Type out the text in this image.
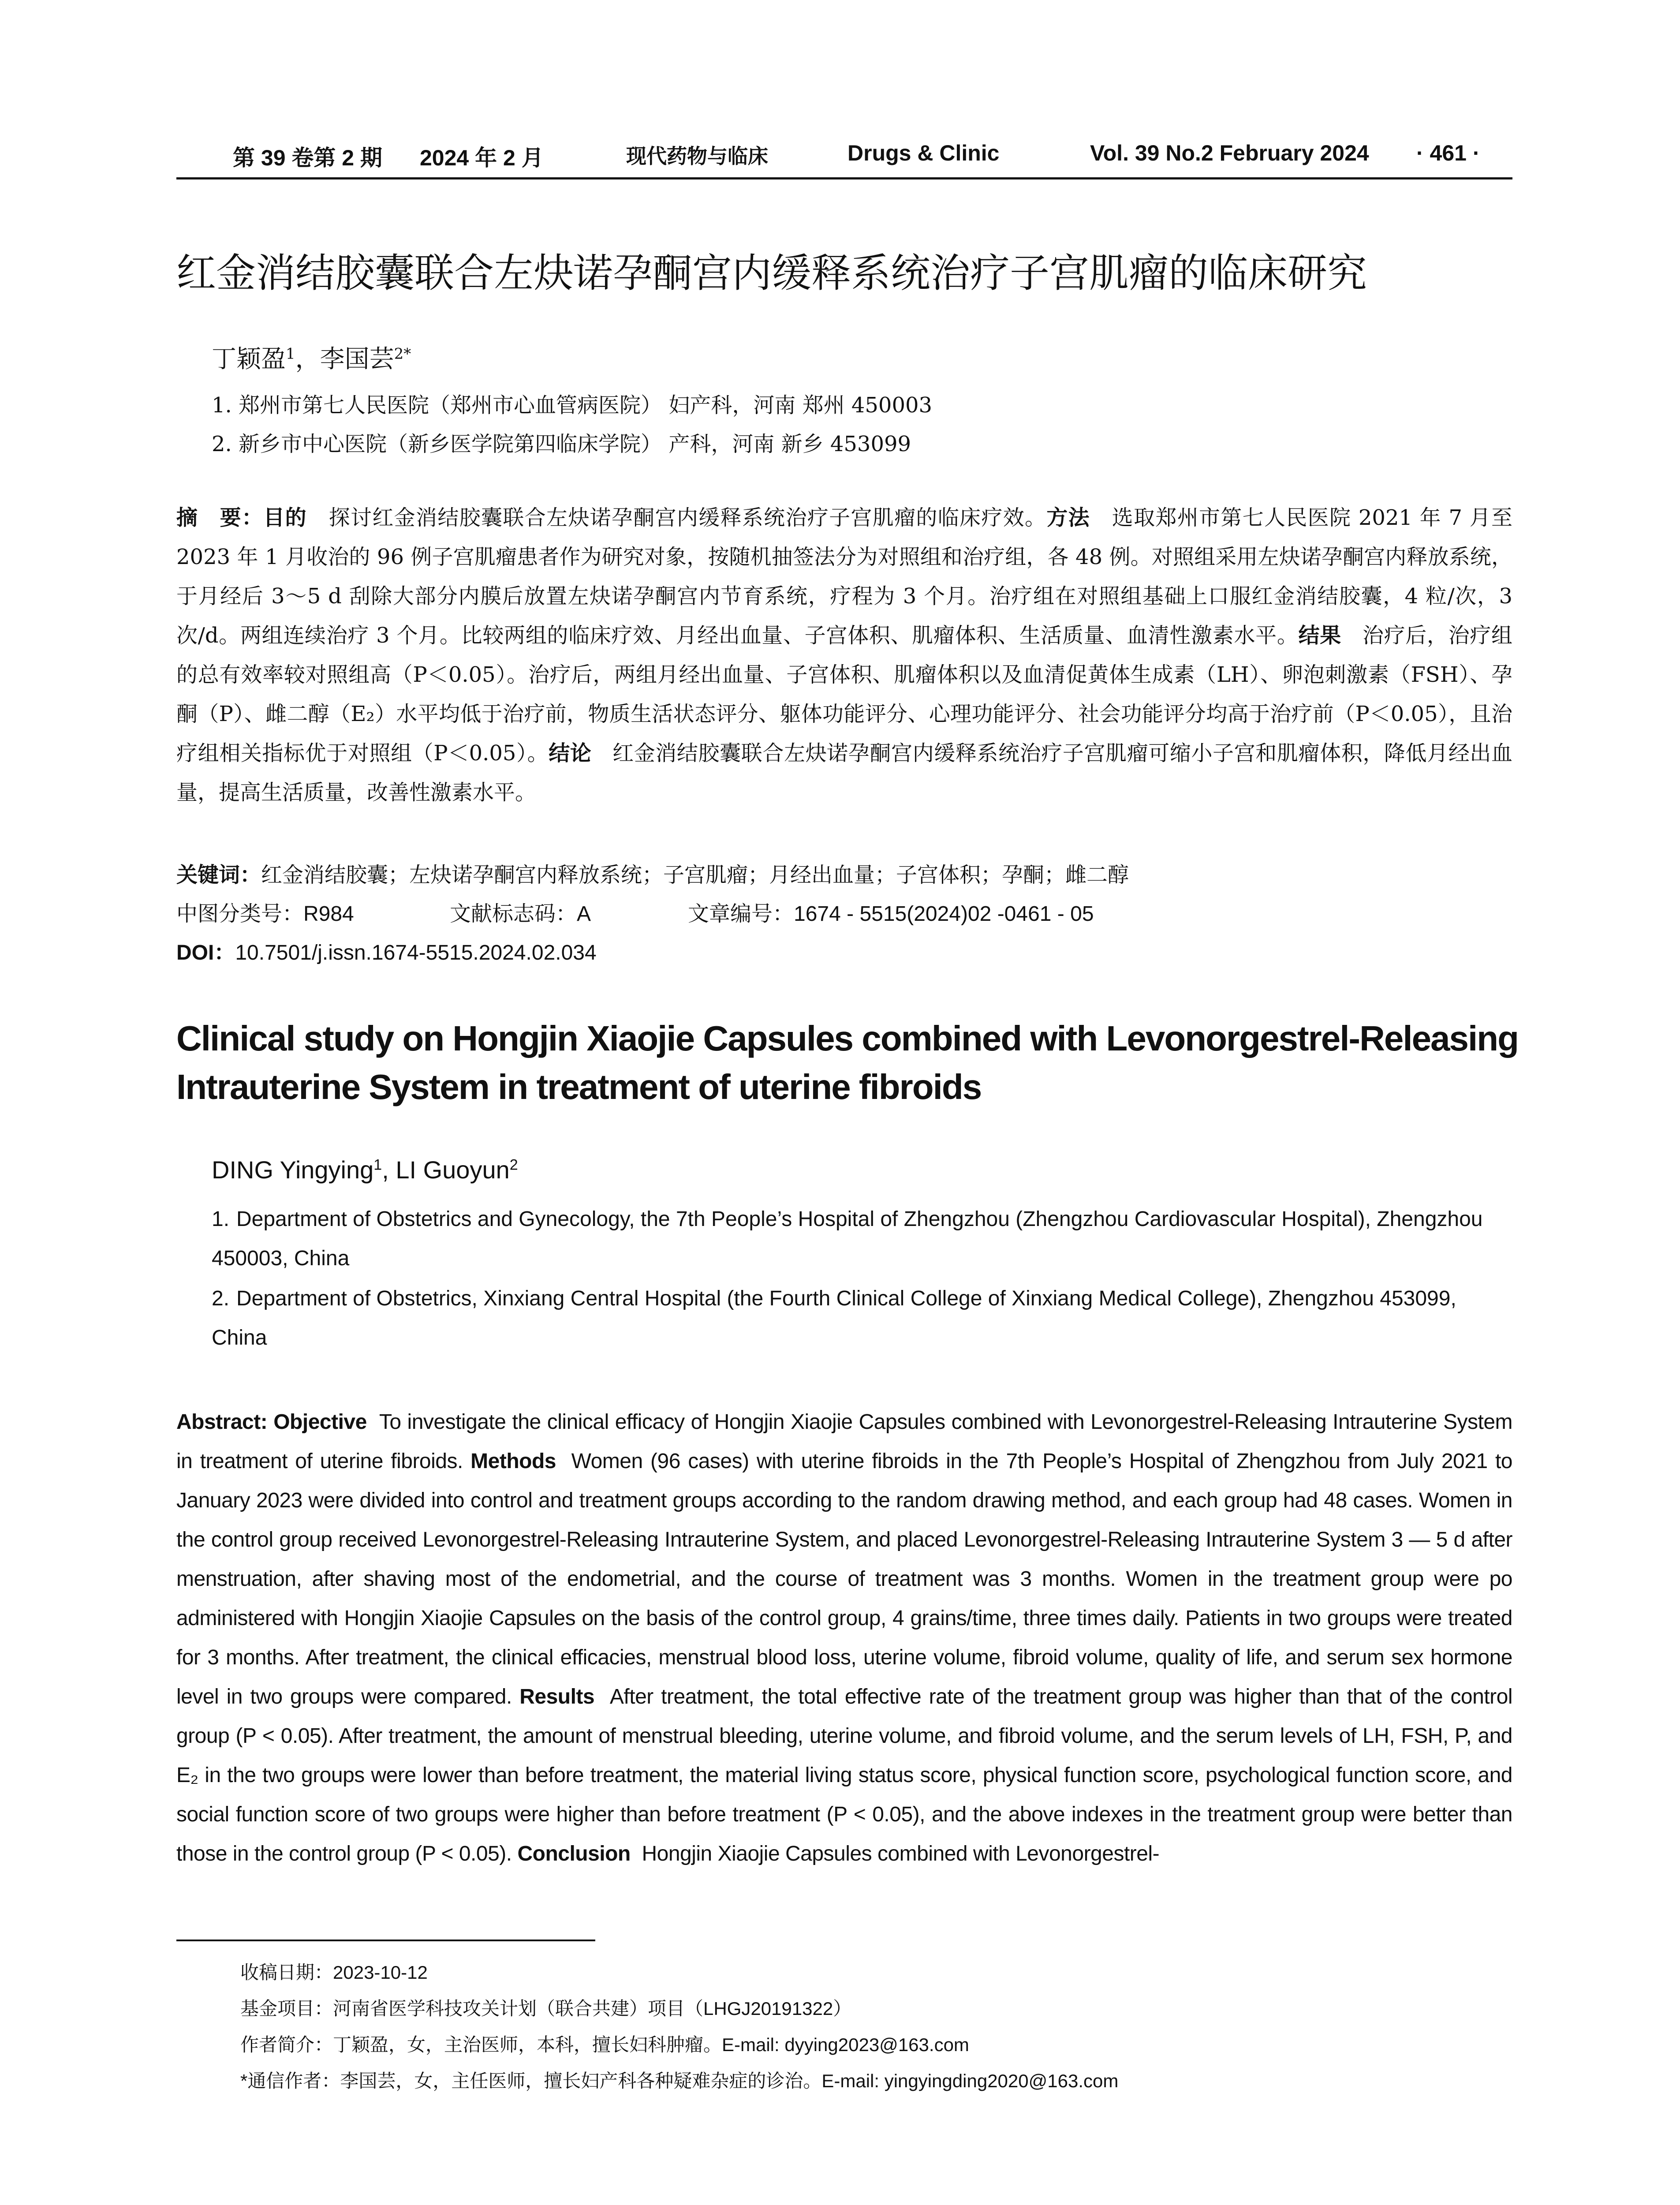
第 39 卷第 2 期 2024 年 2 月	现代药物与临床	Drugs & Clinic	Vol. 39 No.2 February 2024 · 461 ·
红金消结胶囊联合左炔诺孕酮宫内缓释系统治疗子宫肌瘤的临床研究
丁颖盈$^1$，李国芸$^{2*}$
1. 郑州市第七人民医院（郑州市心血管病医院） 妇产科，河南 郑州 450003
2. 新乡市中心医院（新乡医学院第四临床学院） 产科，河南 新乡 453099
摘　要：目的 探讨红金消结胶囊联合左炔诺孕酮宫内缓释系统治疗子宫肌瘤的临床疗效。方法 选取郑州市第七人民医院 2021 年 7 月至 2023 年 1 月收治的 96 例子宫肌瘤患者作为研究对象，按随机抽签法分为对照组和治疗组，各 48 例。对照组采用左炔诺孕酮宫内释放系统，于月经后 3～5 d 刮除大部分内膜后放置左炔诺孕酮宫内节育系统，疗程为 3 个月。治疗组在对照组基础上口服红金消结胶囊，4 粒/次，3 次/d。两组连续治疗 3 个月。比较两组的临床疗效、月经出血量、子宫体积、肌瘤体积、生活质量、血清性激素水平。结果 治疗后，治疗组的总有效率较对照组高（P＜0.05）。治疗后，两组月经出血量、子宫体积、肌瘤体积以及血清促黄体生成素（LH）、卵泡刺激素（FSH）、孕酮（P）、雌二醇（E₂）水平均低于治疗前，物质生活状态评分、躯体功能评分、心理功能评分、社会功能评分均高于治疗前（P＜0.05），且治疗组相关指标优于对照组（P＜0.05）。结论 红金消结胶囊联合左炔诺孕酮宫内缓释系统治疗子宫肌瘤可缩小子宫和肌瘤体积，降低月经出血量，提高生活质量，改善性激素水平。
关键词：红金消结胶囊；左炔诺孕酮宫内释放系统；子宫肌瘤；月经出血量；子宫体积；孕酮；雌二醇
中图分类号：R984	文献标志码：A	文章编号：1674 - 5515(2024)02 -0461 - 05
DOI：10.7501/j.issn.1674-5515.2024.02.034
Clinical study on Hongjin Xiaojie Capsules combined with Levonorgestrel-Releasing Intrauterine System in treatment of uterine fibroids
DING Yingying$^1$, LI Guoyun$^2$
1. Department of Obstetrics and Gynecology, the 7th People’s Hospital of Zhengzhou (Zhengzhou Cardiovascular Hospital), Zhengzhou 450003, China
2. Department of Obstetrics, Xinxiang Central Hospital (the Fourth Clinical College of Xinxiang Medical College), Zhengzhou 453099, China
Abstract: Objective To investigate the clinical efficacy of Hongjin Xiaojie Capsules combined with Levonorgestrel-Releasing Intrauterine System in treatment of uterine fibroids. Methods Women (96 cases) with uterine fibroids in the 7th People’s Hospital of Zhengzhou from July 2021 to January 2023 were divided into control and treatment groups according to the random drawing method, and each group had 48 cases. Women in the control group received Levonorgestrel-Releasing Intrauterine System, and placed Levonorgestrel-Releasing Intrauterine System 3 — 5 d after menstruation, after shaving most of the endometrial, and the course of treatment was 3 months. Women in the treatment group were po administered with Hongjin Xiaojie Capsules on the basis of the control group, 4 grains/time, three times daily. Patients in two groups were treated for 3 months. After treatment, the clinical efficacies, menstrual blood loss, uterine volume, fibroid volume, quality of life, and serum sex hormone level in two groups were compared. Results After treatment, the total effective rate of the treatment group was higher than that of the control group (P < 0.05). After treatment, the amount of menstrual bleeding, uterine volume, and fibroid volume, and the serum levels of LH, FSH, P, and E₂ in the two groups were lower than before treatment, the material living status score, physical function score, psychological function score, and social function score of two groups were higher than before treatment (P < 0.05), and the above indexes in the treatment group were better than those in the control group (P < 0.05). Conclusion Hongjin Xiaojie Capsules combined with Levonorgestrel-
收稿日期：2023-10-12
基金项目：河南省医学科技攻关计划（联合共建）项目（LHGJ20191322）
作者简介：丁颖盈，女，主治医师，本科，擅长妇科肿瘤。E-mail: dyying2023@163.com
*通信作者：李国芸，女，主任医师，擅长妇产科各种疑难杂症的诊治。E-mail: yingyingding2020@163.com
